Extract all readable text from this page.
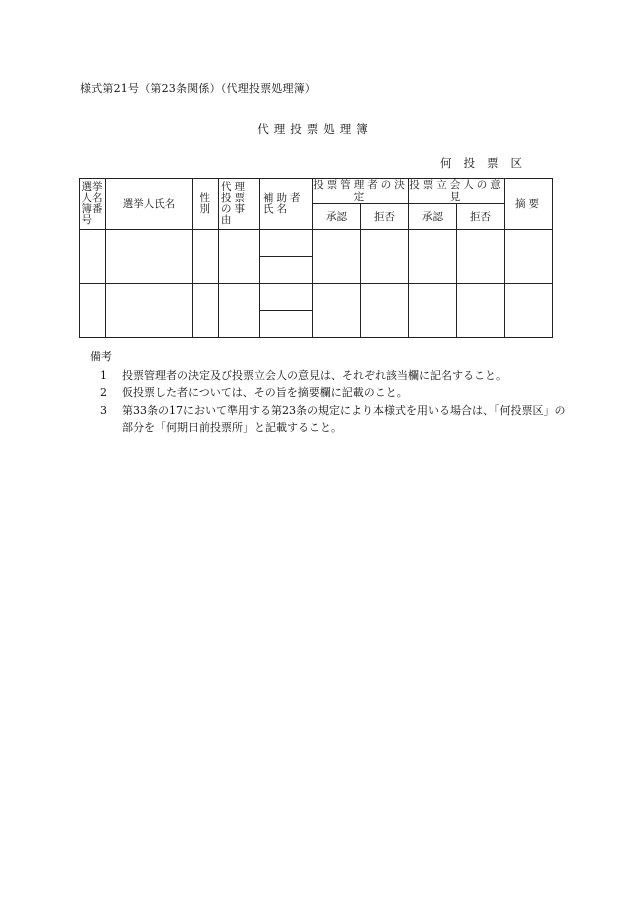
様式第21号（第23条関係）（代理投票処理簿）
代理投票処理簿
何投票区
選挙人名簿番号	選挙人氏名	性別	代理投票の事由	補助者氏名	投票管理者の決定		投票立会人の意見		摘要
					承認	拒否	承認	拒否	

備考
1 投票管理者の決定及び投票立会人の意見は、それぞれ該当欄に記名すること。
2 仮投票した者については、その旨を摘要欄に記載のこと。
3 第33条の17において準用する第23条の規定により本様式を用いる場合は、「何投票区」の部分を「何期日前投票所」と記載すること。
